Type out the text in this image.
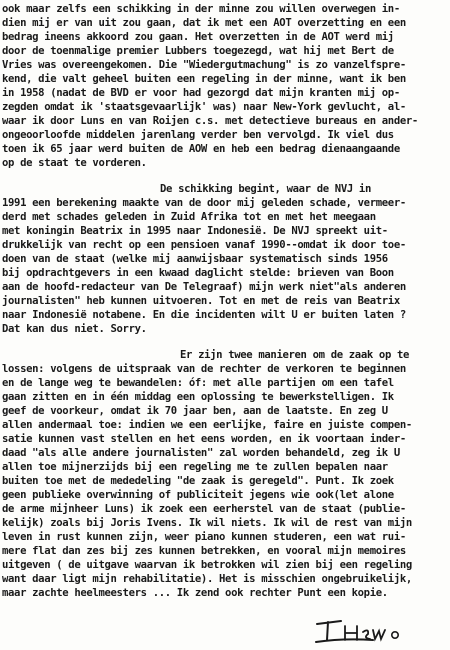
ook maar zelfs een schikking in der minne zou willen overwegen in-
dien mij er van uit zou gaan, dat ik met een AOT overzetting en een
bedrag ineens akkoord zou gaan. Het overzetten in de AOT werd mij
door de toenmalige premier Lubbers toegezegd, wat hij met Bert de
Vries was overeengekomen. Die "Wiedergutmachung" is zo vanzelfspre-
kend, die valt geheel buiten een regeling in der minne, want ik ben
in 1958 (nadat de BVD er voor had gezorgd dat mijn kranten mij op-
zegden omdat ik 'staatsgevaarlijk' was) naar New-York gevlucht, al-
waar ik door Luns en van Roijen c.s. met detectieve bureaus en ander-
ongeoorloofde middelen jarenlang verder ben vervolgd. Ik viel dus
toen ik 65 jaar werd buiten de AOW en heb een bedrag dienaangaande
op de staat te vorderen.
De schikking begint, waar de NVJ in
1991 een berekening maakte van de door mij geleden schade, vermeer-
derd met schades geleden in Zuid Afrika tot en met het meegaan
met koningin Beatrix in 1995 naar Indonesië. De NVJ spreekt uit-
drukkelijk van recht op een pensioen vanaf 1990--omdat ik door toe-
doen van de staat (welke mij aanwijsbaar systematisch sinds 1956
bij opdrachtgevers in een kwaad daglicht stelde: brieven van Boon
aan de hoofd-redacteur van De Telegraaf) mijn werk niet"als anderen
journalisten" heb kunnen uitvoeren. Tot en met de reis van Beatrix
naar Indonesië notabene. En die incidenten wilt U er buiten laten ?
Dat kan dus niet. Sorry.
Er zijn twee manieren om de zaak op te
lossen: volgens de uitspraak van de rechter de verkoren te beginnen
en de lange weg te bewandelen: óf: met alle partijen om een tafel
gaan zitten en in één middag een oplossing te bewerkstelligen. Ik
geef de voorkeur, omdat ik 70 jaar ben, aan de laatste. En zeg U
allen andermaal toe: indien we een eerlijke, faire en juiste compen-
satie kunnen vast stellen en het eens worden, en ik voortaan inder-
daad "als alle andere journalisten" zal worden behandeld, zeg ik U
allen toe mijnerzijds bij een regeling me te zullen bepalen naar
buiten toe met de mededeling "de zaak is geregeld". Punt. Ik zoek
geen publieke overwinning of publiciteit jegens wie ook(let alone
de arme mijnheer Luns) ik zoek een eerherstel van de staat (publie-
kelijk) zoals bij Joris Ivens. Ik wil niets. Ik wil de rest van mijn
leven in rust kunnen zijn, weer piano kunnen studeren, een wat rui-
mere flat dan zes bij zes kunnen betrekken, en vooral mijn memoires
uitgeven ( de uitgave waarvan ik betrokken wil zien bij een regeling
want daar ligt mijn rehabilitatie). Het is misschien ongebruikelijk,
maar zachte heelmeesters ... Ik zend ook rechter Punt een kopie.
